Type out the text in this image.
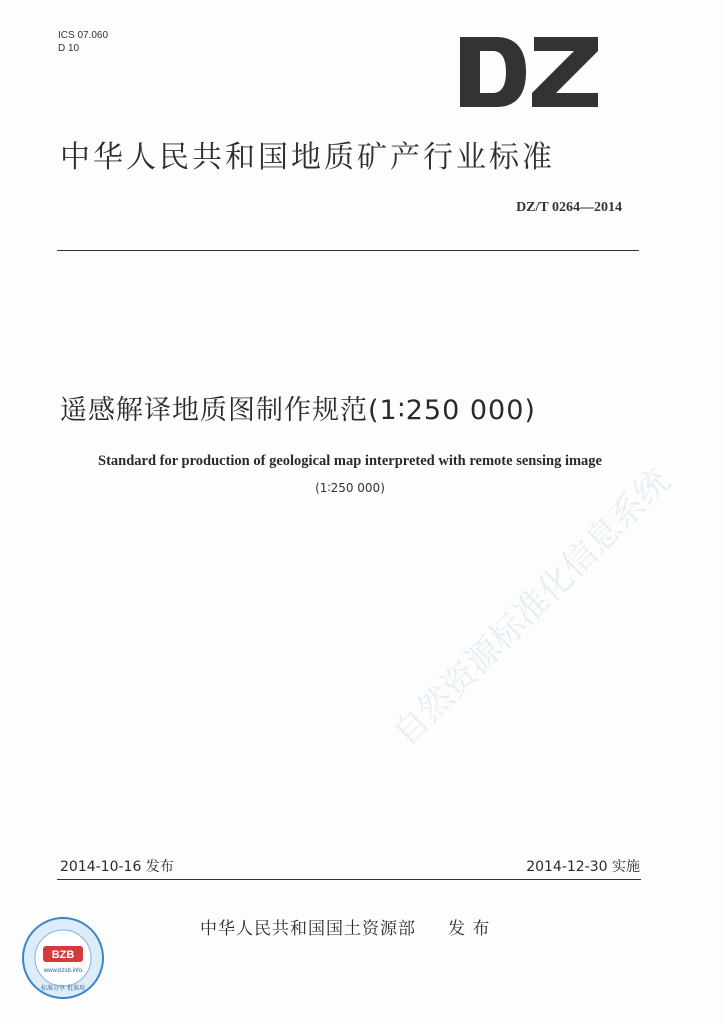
ICS 07.060
D 10
中华人民共和国地质矿产行业标准
DZ/T 0264—2014
遥感解译地质图制作规范(1∶250 000)
Standard for production of geological map interpreted with remote sensing image
(1∶250 000) 自然资源标准化信息系统
2014-10-16 发布	2014-12-30 实施
中华人民共和国国土资源部 发 布
BZB
www.bzsb.info
标准分享 批准用
